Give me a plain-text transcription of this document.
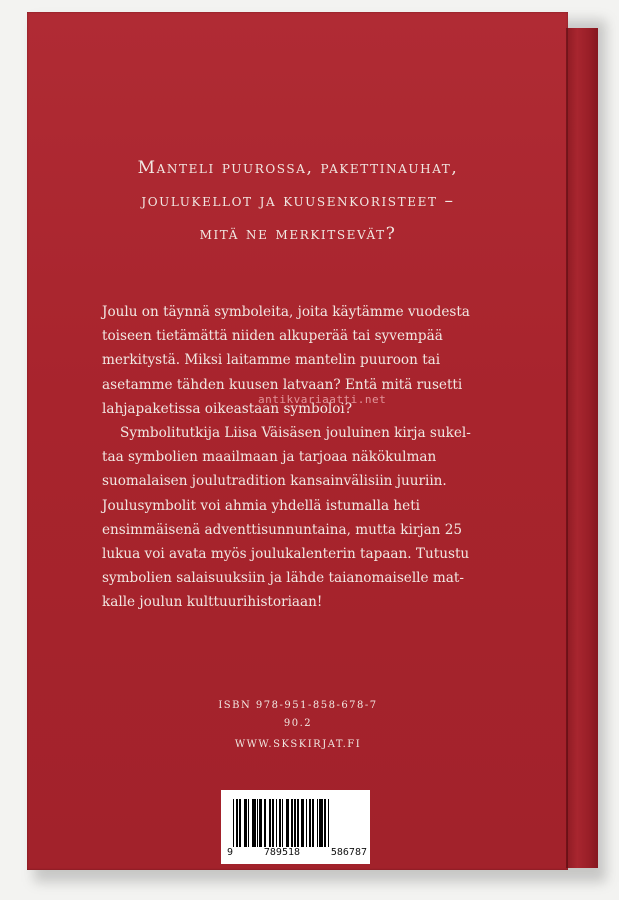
Manteli puurossa, pakettinauhat,
joulukellot ja kuusenkoristeet –
mitä ne merkitsevät?

Joulu on täynnä symboleita, joita käytämme vuodesta
toiseen tietämättä niiden alkuperää tai syvempää
merkitystä. Miksi laitamme mantelin puuroon tai
asetamme tähden kuusen latvaan? Entä mitä rusetti
lahjapaketissa oikeastaan symboloi?

Symbolitutkija Liisa Väisäsen jouluinen kirja sukel-
taa symbolien maailmaan ja tarjoaa näkökulman
suomalaisen joulutradition kansainvälisiin juuriin.
Joulusymbolit voi ahmia yhdellä istumalla heti
ensimmäisenä adventtisunnuntaina, mutta kirjan 25
lukua voi avata myös joulukalenterin tapaan. Tutustu
symbolien salaisuuksiin ja lähde taianomaiselle mat-
kalle joulun kulttuurihistoriaan!

antikvariaatti.net
ISBN 978-951-858-678-7
90.2
WWW.SKSKIRJAT.FI
9	789518	586787
